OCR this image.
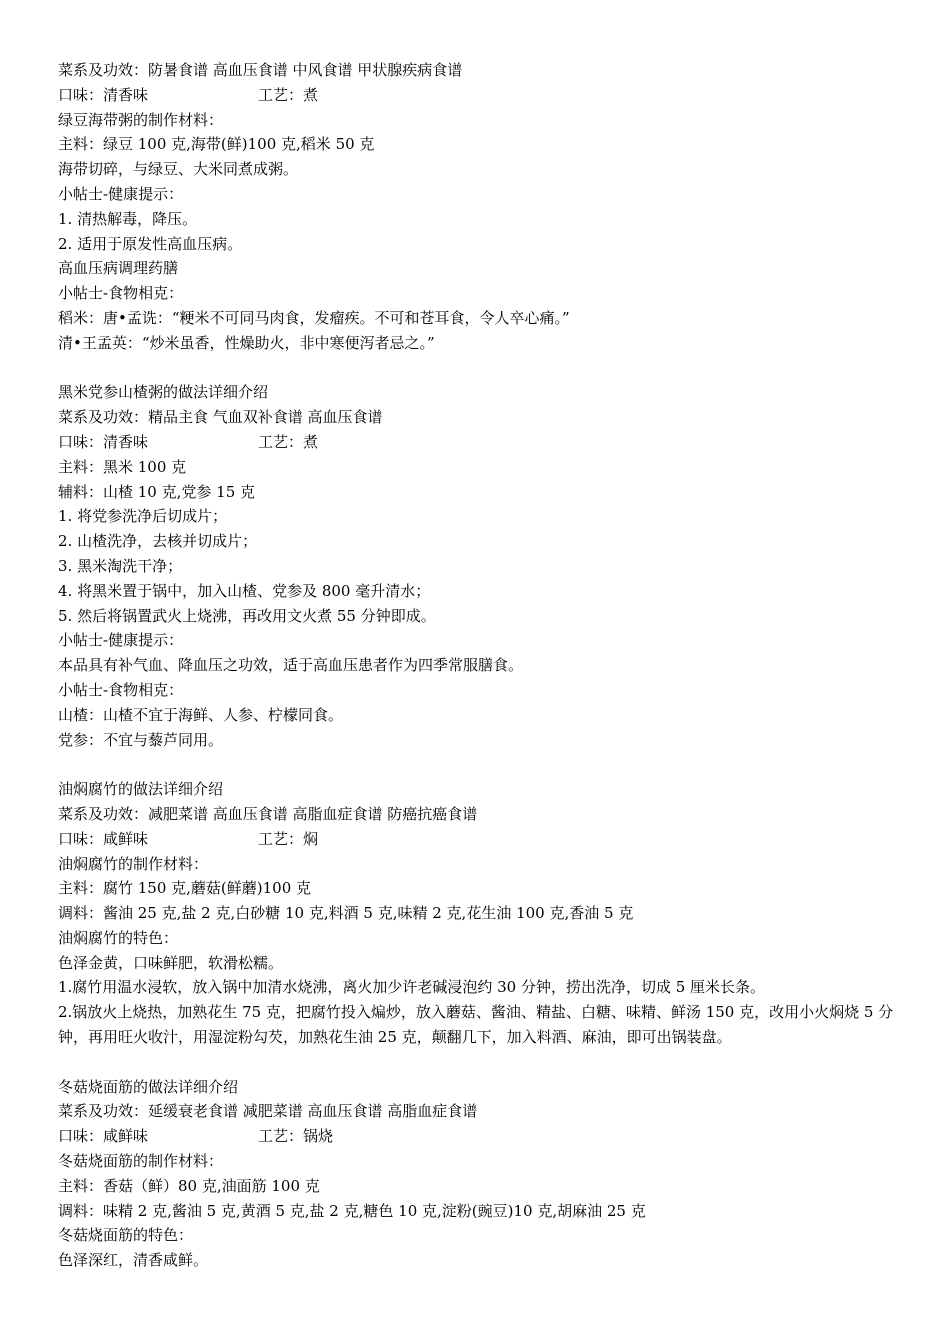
菜系及功效：防暑食谱 高血压食谱 中风食谱 甲状腺疾病食谱
口味：清香味	工艺：煮
绿豆海带粥的制作材料：
主料：绿豆 100 克,海带(鲜)100 克,稻米 50 克
海带切碎，与绿豆、大米同煮成粥。
小帖士-健康提示：
1. 清热解毒，降压。
2. 适用于原发性高血压病。
高血压病调理药膳
小帖士-食物相克：
稻米：唐•孟诜：“粳米不可同马肉食，发瘤疾。不可和苍耳食，令人卒心痛。”
清•王孟英：“炒米虽香，性燥助火，非中寒便泻者忌之。”
黑米党参山楂粥的做法详细介绍
菜系及功效：精品主食 气血双补食谱 高血压食谱
口味：清香味	工艺：煮
主料：黑米 100 克
辅料：山楂 10 克,党参 15 克
1. 将党参洗净后切成片；
2. 山楂洗净，去核并切成片；
3. 黑米淘洗干净；
4. 将黑米置于锅中，加入山楂、党参及 800 毫升清水；
5. 然后将锅置武火上烧沸，再改用文火煮 55 分钟即成。
小帖士-健康提示：
本品具有补气血、降血压之功效，适于高血压患者作为四季常服膳食。
小帖士-食物相克：
山楂：山楂不宜于海鲜、人参、柠檬同食。
党参：不宜与藜芦同用。
油焖腐竹的做法详细介绍
菜系及功效：减肥菜谱 高血压食谱 高脂血症食谱 防癌抗癌食谱
口味：咸鲜味	工艺：焖
油焖腐竹的制作材料：
主料：腐竹 150 克,蘑菇(鲜蘑)100 克
调料：酱油 25 克,盐 2 克,白砂糖 10 克,料酒 5 克,味精 2 克,花生油 100 克,香油 5 克
油焖腐竹的特色：
色泽金黄，口味鲜肥，软滑松糯。
1.腐竹用温水浸软，放入锅中加清水烧沸，离火加少许老碱浸泡约 30 分钟，捞出洗净，切成 5 厘米长条。
2.锅放火上烧热，加熟花生 75 克，把腐竹投入煸炒，放入蘑菇、酱油、精盐、白糖、味精、鲜汤 150 克，改用小火焖烧 5 分钟，再用旺火收汁，用湿淀粉勾芡，加熟花生油 25 克，颠翻几下，加入料酒、麻油，即可出锅装盘。
冬菇烧面筋的做法详细介绍
菜系及功效：延缓衰老食谱 减肥菜谱 高血压食谱 高脂血症食谱
口味：咸鲜味	工艺：锅烧
冬菇烧面筋的制作材料：
主料：香菇（鲜）80 克,油面筋 100 克
调料：味精 2 克,酱油 5 克,黄酒 5 克,盐 2 克,糖色 10 克,淀粉(豌豆)10 克,胡麻油 25 克
冬菇烧面筋的特色：
色泽深红，清香咸鲜。
